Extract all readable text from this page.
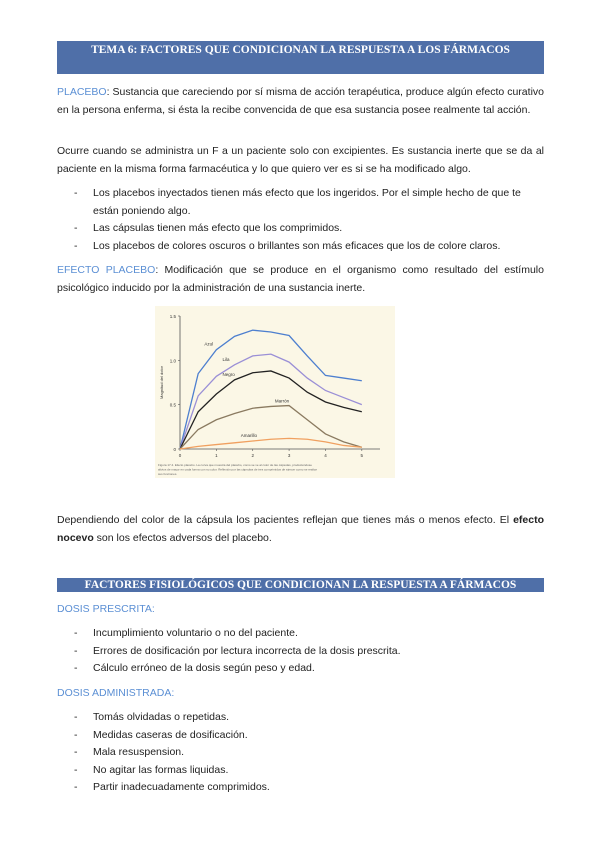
TEMA 6: FACTORES QUE CONDICIONAN LA RESPUESTA A LOS FÁRMACOS

PLACEBO: Sustancia que careciendo por sí misma de acción terapéutica, produce algún efecto curativo en la persona enferma, si ésta la recibe convencida de que esa sustancia posee realmente tal acción.

Ocurre cuando se administra un F a un paciente solo con excipientes. Es sustancia inerte que se da al paciente en la misma forma farmacéutica y lo que quiero ver es si se ha modificado algo.

- Los placebos inyectados tienen más efecto que los ingeridos. Por el simple hecho de que te están poniendo algo.
- Las cápsulas tienen más efecto que los comprimidos.
- Los placebos de colores oscuros o brillantes son más eficaces que los de colore claros.

EFECTO PLACEBO: Modificación que se produce en el organismo como resultado del estímulo psicológico inducido por la administración de una sustancia inerte.

0
0.5
1.0
1.5
0	1	2	3	4	5
Magnitud del dolor
Azul
Lila
Negro
Marrón
Amarillo
Figura 17.4. Efecto placebo. La curva que muestra del placebo, como se ve al color de las cápsulas, produciéndose
alivios de mayor en cada forma con su color. Reflexión por las cápsulas de tres comprimidos de ejercer como se realice
sus funciones.

Dependiendo del color de la cápsula los pacientes reflejan que tienes más o menos efecto. El efecto nocevo son los efectos adversos del placebo.

FACTORES FISIOLÓGICOS QUE CONDICIONAN LA RESPUESTA A FÁRMACOS

DOSIS PRESCRITA:

- Incumplimiento voluntario o no del paciente.
- Errores de dosificación por lectura incorrecta de la dosis prescrita.
- Cálculo erróneo de la dosis según peso y edad.

DOSIS ADMINISTRADA:

- Tomás olvidadas o repetidas.
- Medidas caseras de dosificación.
- Mala resuspension.
- No agitar las formas liquidas.
- Partir inadecuadamente comprimidos.
